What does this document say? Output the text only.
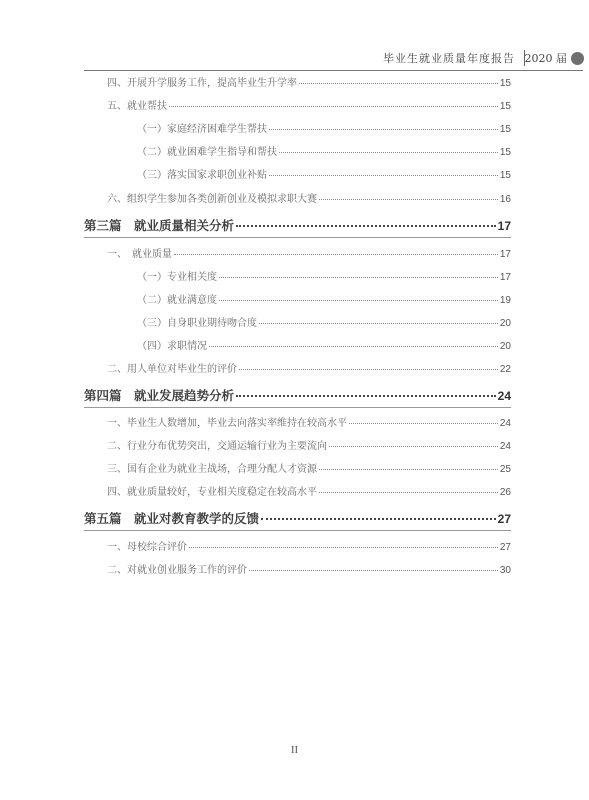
毕业生就业质量年度报告 2020 届
四、开展升学服务工作，提高毕业生升学率	15
五、就业帮扶	15
（一）家庭经济困难学生帮扶	15
（二）就业困难学生指导和帮扶	15
（三）落实国家求职创业补贴	15
六、组织学生参加各类创新创业及模拟求职大赛	16
第三篇　就业质量相关分析	17
一、　就业质量	17
（一）专业相关度	17
（二）就业满意度	19
（三）自身职业期待吻合度	20
（四）求职情况	20
二、用人单位对毕业生的评价	22
第四篇　就业发展趋势分析	24
一、毕业生人数增加，毕业去向落实率维持在较高水平	24
二、行业分布优势突出，交通运输行业为主要流向	24
三、国有企业为就业主战场，合理分配人才资源	25
四、就业质量较好，专业相关度稳定在较高水平	26
第五篇　就业对教育教学的反馈	27
一、母校综合评价	27
二、对就业创业服务工作的评价	30
II
